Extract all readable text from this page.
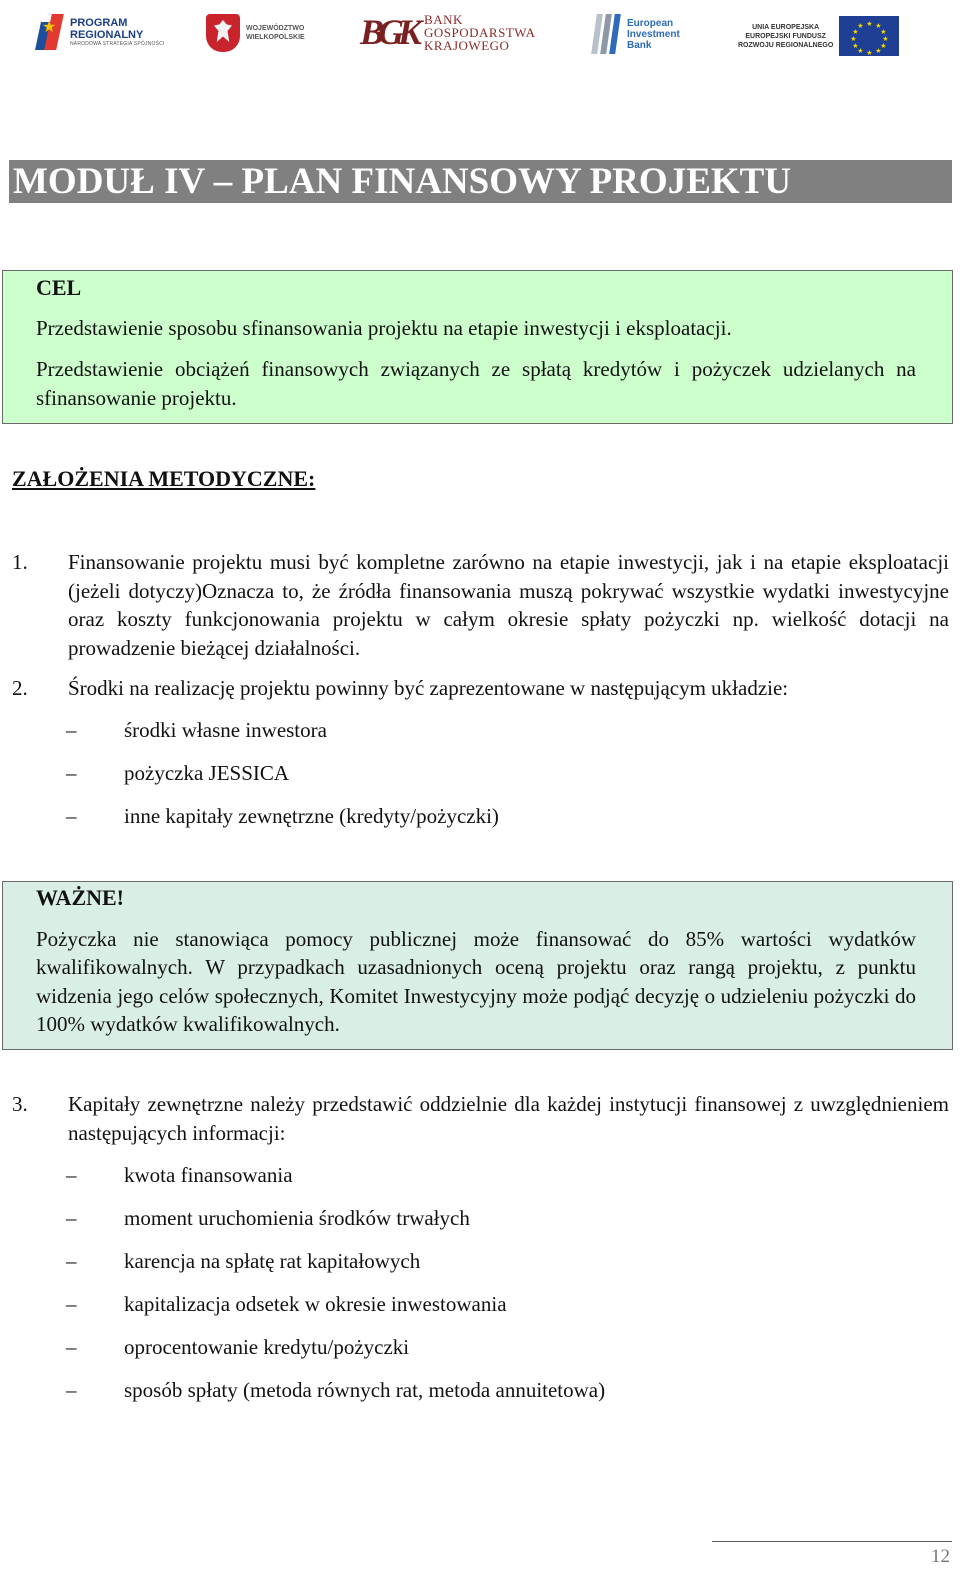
★ PROGRAM
REGIONALNY
NARODOWA STRATEGIA SPÓJNOŚCI
WOJEWÓDZTWO
WIELKOPOLSKIE BGK BANK
GOSPODARSTWA
KRAJOWEGO
European
Investment
Bank
UNIA EUROPEJSKA
EUROPEJSKI FUNDUSZ
ROZWOJU REGIONALNEGO
★ ★
★
★
★
★
★
★
★
★
★
★
MODUŁ IV – PLAN FINANSOWY PROJEKTU
CEL

Przedstawienie sposobu sfinansowania projektu na etapie inwestycji i eksploatacji.

Przedstawienie obciążeń finansowych związanych ze spłatą kredytów i pożyczek udzielanych na sfinansowanie projektu.

ZAŁOŻENIA METODYCZNE:
1. Finansowanie projektu musi być kompletne zarówno na etapie inwestycji, jak i na etapie eksploatacji (jeżeli dotyczy)Oznacza to, że źródła finansowania muszą pokrywać wszystkie wydatki inwestycyjne oraz koszty funkcjonowania projektu w całym okresie spłaty pożyczki np. wielkość dotacji na prowadzenie bieżącej działalności.
2. Środki na realizację projektu powinny być zaprezentowane w następującym układzie:
– środki własne inwestora
– pożyczka JESSICA
– inne kapitały zewnętrzne (kredyty/pożyczki)
WAŻNE!

Pożyczka nie stanowiąca pomocy publicznej może finansować do 85% wartości wydatków kwalifikowalnych. W przypadkach uzasadnionych oceną projektu oraz rangą projektu, z punktu widzenia jego celów społecznych, Komitet Inwestycyjny może podjąć decyzję o udzieleniu pożyczki do 100% wydatków kwalifikowalnych.

3. Kapitały zewnętrzne należy przedstawić oddzielnie dla każdej instytucji finansowej z uwzględnieniem następujących informacji:
– kwota finansowania
– moment uruchomienia środków trwałych
– karencja na spłatę rat kapitałowych
– kapitalizacja odsetek w okresie inwestowania
– oprocentowanie kredytu/pożyczki
– sposób spłaty (metoda równych rat, metoda annuitetowa)
12
